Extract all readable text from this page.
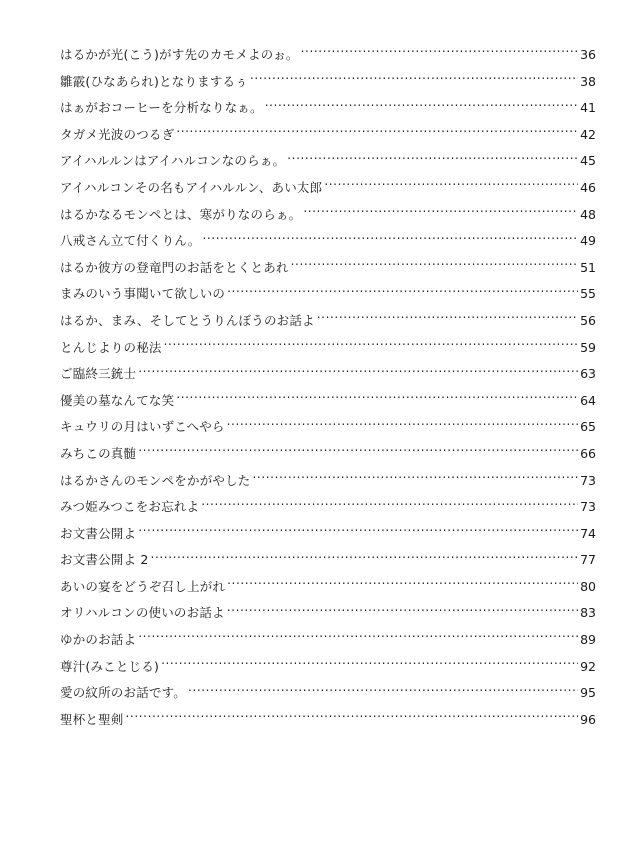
はるかが光(こう)がす先のカモメよのぉ。 .....	36
雛霰(ひなあられ)となりまするぅ .....	38
はぁがおコーヒーを分析なりなぁ。 .....	41
タガメ光波のつるぎ .....	42
アイハルルンはアイハルコンなのらぁ。 .....	45
アイハルコンその名もアイハルルン、あい太郎 .....	46
はるかなるモンペとは、寒がりなのらぁ。 .....	48
八戒さん立て付くりん。 .....	49
はるか彼方の登竜門のお話をとくとあれ .....	51
まみのいう事聞いて欲しいの .....	55
はるか、まみ、そしてとうりんぼうのお話よ .....	56
とんじよりの秘法 .....	59
ご臨終三銃士 .....	63
優美の墓なんてな笑 .....	64
キュウリの月はいずこへやら .....	65
みちこの真髄 .....	66
はるかさんのモンペをかがやした .....	73
みつ姫みつこをお忘れよ .....	73
お文書公開よ .....	74
お文書公開よ 2 .....	77
あいの宴をどうぞ召し上がれ .....	80
オリハルコンの使いのお話よ .....	83
ゆかのお話よ .....	89
尊汁(みことじる) .....	92
愛の紋所のお話です。 .....	95
聖杯と聖剣 .....	96
